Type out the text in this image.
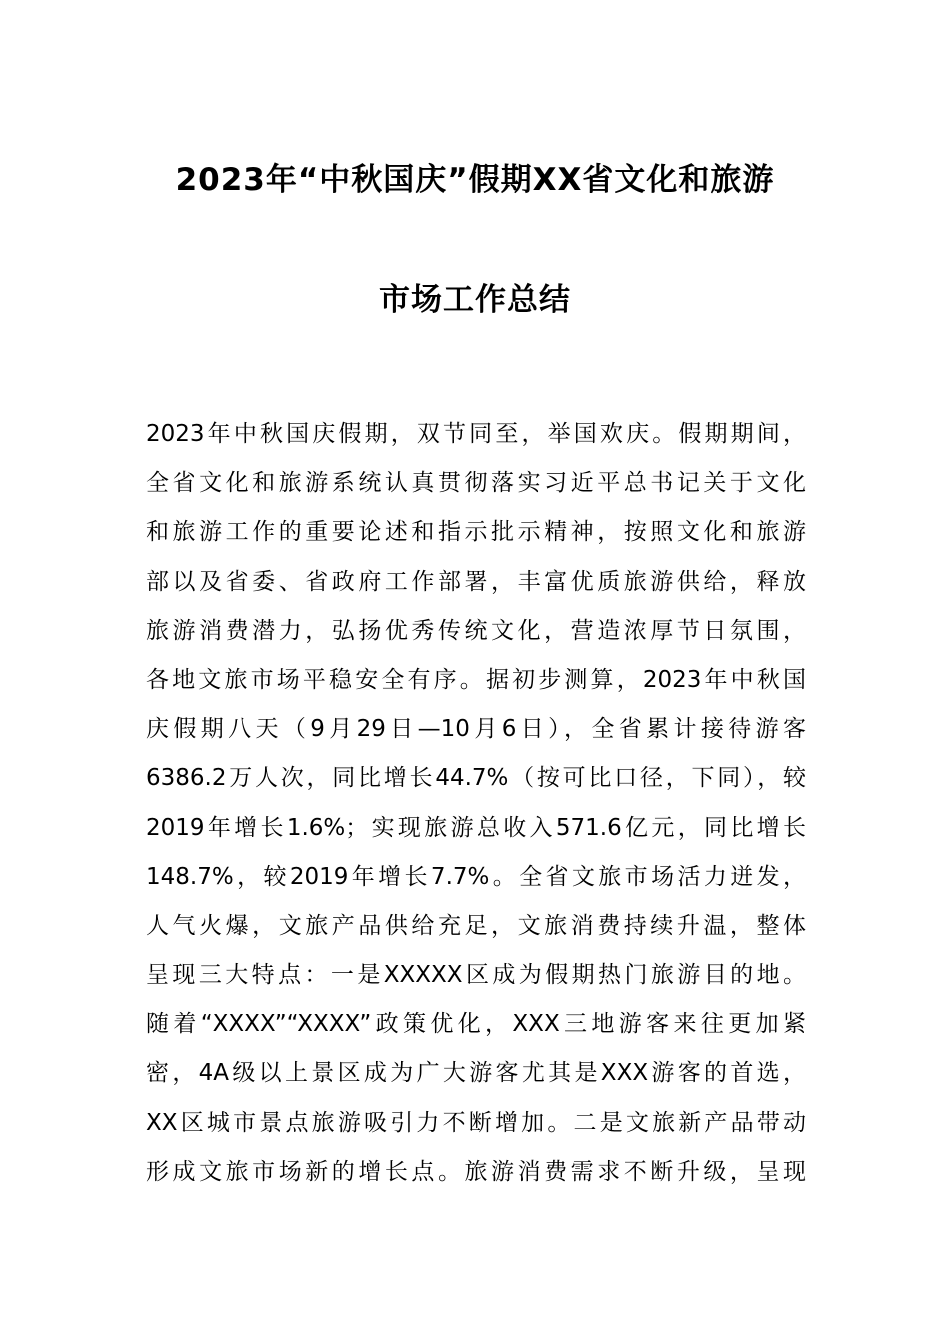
2023年“中秋国庆”假期XX省文化和旅游
市场工作总结
2023年中秋国庆假期，双节同至，举国欢庆。假期期间，
全省文化和旅游系统认真贯彻落实习近平总书记关于文化
和旅游工作的重要论述和指示批示精神，按照文化和旅游
部以及省委、省政府工作部署，丰富优质旅游供给，释放
旅游消费潜力，弘扬优秀传统文化，营造浓厚节日氛围，
各地文旅市场平稳安全有序。据初步测算，2023年中秋国
庆假期八天（9月29日—10月6日），全省累计接待游客
6386.2万人次，同比增长44.7%（按可比口径，下同），较
2019年增长1.6%；实现旅游总收入571.6亿元，同比增长
148.7%，较2019年增长7.7%。全省文旅市场活力迸发，
人气火爆，文旅产品供给充足，文旅消费持续升温，整体
呈现三大特点：一是XXXXX区成为假期热门旅游目的地。
随着“XXXX”“XXXX”政策优化，XXX三地游客来往更加紧
密，4A级以上景区成为广大游客尤其是XXX游客的首选，
XX区城市景点旅游吸引力不断增加。二是文旅新产品带动
形成文旅市场新的增长点。旅游消费需求不断升级，呈现
